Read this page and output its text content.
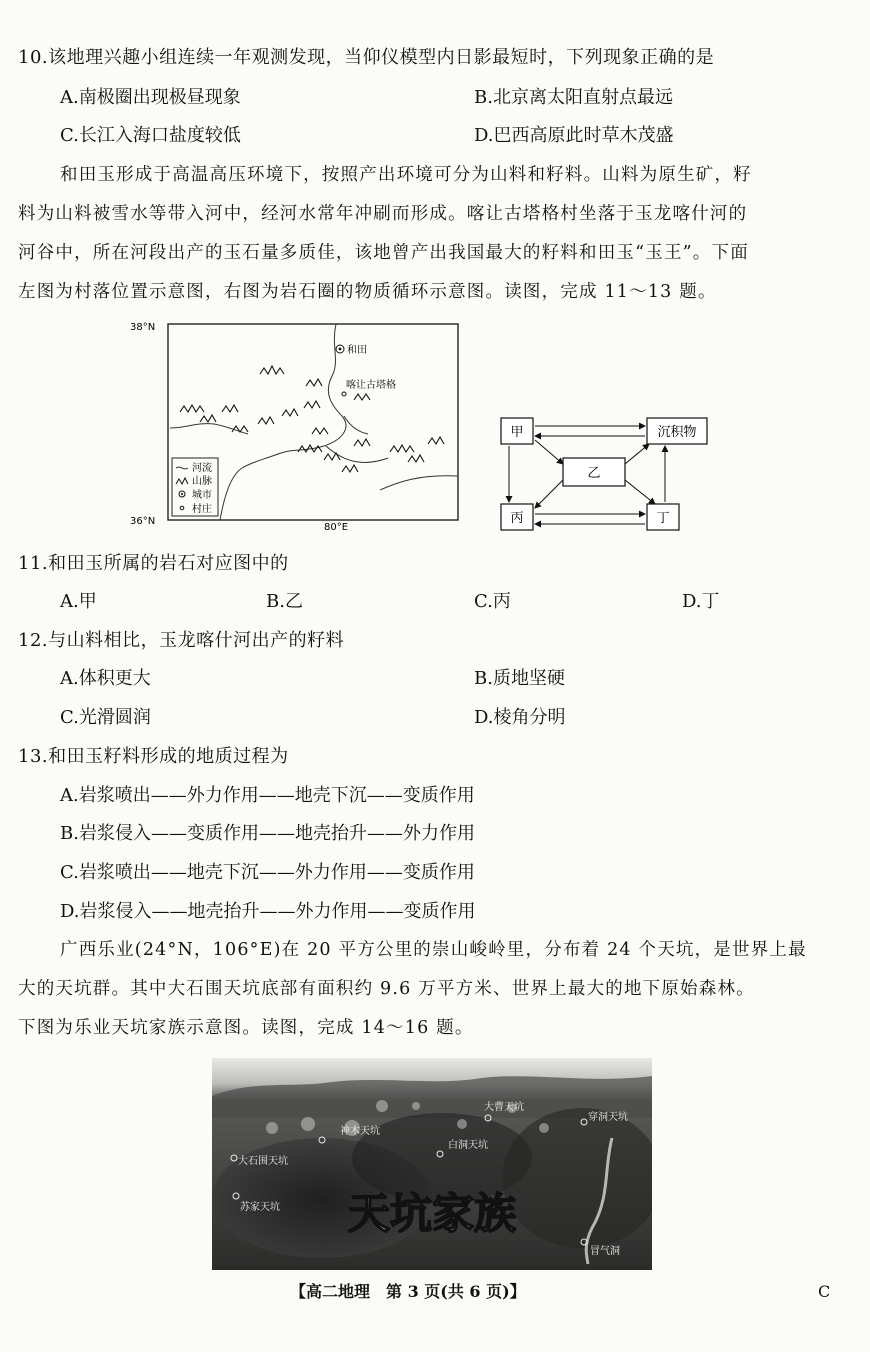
10.该地理兴趣小组连续一年观测发现，当仰仪模型内日影最短时，下列现象正确的是
A.南极圈出现极昼现象	B.北京离太阳直射点最远
C.长江入海口盐度较低	D.巴西高原此时草木茂盛
和田玉形成于高温高压环境下，按照产出环境可分为山料和籽料。山料为原生矿，籽
料为山料被雪水等带入河中，经河水常年冲刷而形成。喀让古塔格村坐落于玉龙喀什河的
河谷中，所在河段出产的玉石量多质佳，该地曾产出我国最大的籽料和田玉“玉王”。下面
左图为村落位置示意图，右图为岩石圈的物质循环示意图。读图，完成 11～13 题。
38°N
36°N
80°E
和田
喀让古塔格
河流
山脉
城市
村庄
甲	沉积物
乙
丙	丁
11.和田玉所属的岩石对应图中的
A.甲	B.乙	C.丙	D.丁
12.与山料相比，玉龙喀什河出产的籽料
A.体积更大	B.质地坚硬
C.光滑圆润	D.棱角分明
13.和田玉籽料形成的地质过程为
A.岩浆喷出——外力作用——地壳下沉——变质作用
B.岩浆侵入——变质作用——地壳抬升——外力作用
C.岩浆喷出——地壳下沉——外力作用——变质作用
D.岩浆侵入——地壳抬升——外力作用——变质作用
广西乐业(24°N，106°E)在 20 平方公里的崇山峻岭里，分布着 24 个天坑，是世界上最
大的天坑群。其中大石围天坑底部有面积约 9.6 万平方米、世界上最大的地下原始森林。
下图为乐业天坑家族示意图。读图，完成 14～16 题。
大曹天坑
穿洞天坑
神木天坑
白洞天坑
大石围天坑
苏家天坑
冒气洞
天坑家族
【高二地理　第 3 页(共 6 页)】	C
